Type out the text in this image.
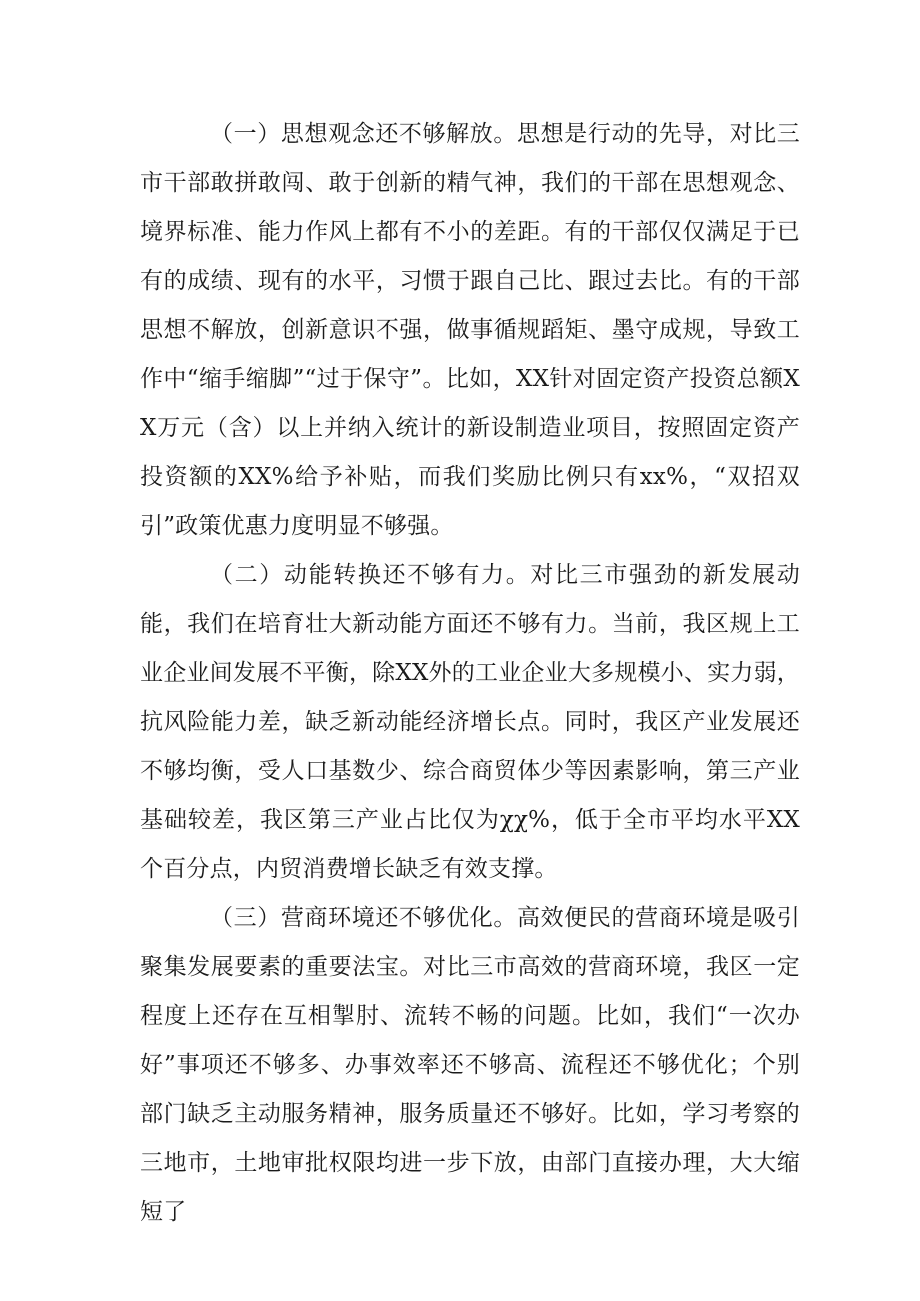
（一）思想观念还不够解放。思想是行动的先导，对比三市干部敢拼敢闯、敢于创新的精气神，我们的干部在思想观念、境界标准、能力作风上都有不小的差距。有的干部仅仅满足于已有的成绩、现有的水平，习惯于跟自己比、跟过去比。有的干部思想不解放，创新意识不强，做事循规蹈矩、墨守成规，导致工作中“缩手缩脚”“过于保守”。比如，XX针对固定资产投资总额XX万元（含）以上并纳入统计的新设制造业项目，按照固定资产投资额的XX%给予补贴，而我们奖励比例只有xx%，“双招双引”政策优惠力度明显不够强。

（二）动能转换还不够有力。对比三市强劲的新发展动能，我们在培育壮大新动能方面还不够有力。当前，我区规上工业企业间发展不平衡，除XX外的工业企业大多规模小、实力弱，抗风险能力差，缺乏新动能经济增长点。同时，我区产业发展还不够均衡，受人口基数少、综合商贸体少等因素影响，第三产业基础较差，我区第三产业占比仅为χχ%，低于全市平均水平XX个百分点，内贸消费增长缺乏有效支撑。

（三）营商环境还不够优化。高效便民的营商环境是吸引聚集发展要素的重要法宝。对比三市高效的营商环境，我区一定程度上还存在互相掣肘、流转不畅的问题。比如，我们“一次办好”事项还不够多、办事效率还不够高、流程还不够优化；个别部门缺乏主动服务精神，服务质量还不够好。比如，学习考察的三地市，土地审批权限均进一步下放，由部门直接办理，大大缩短了
